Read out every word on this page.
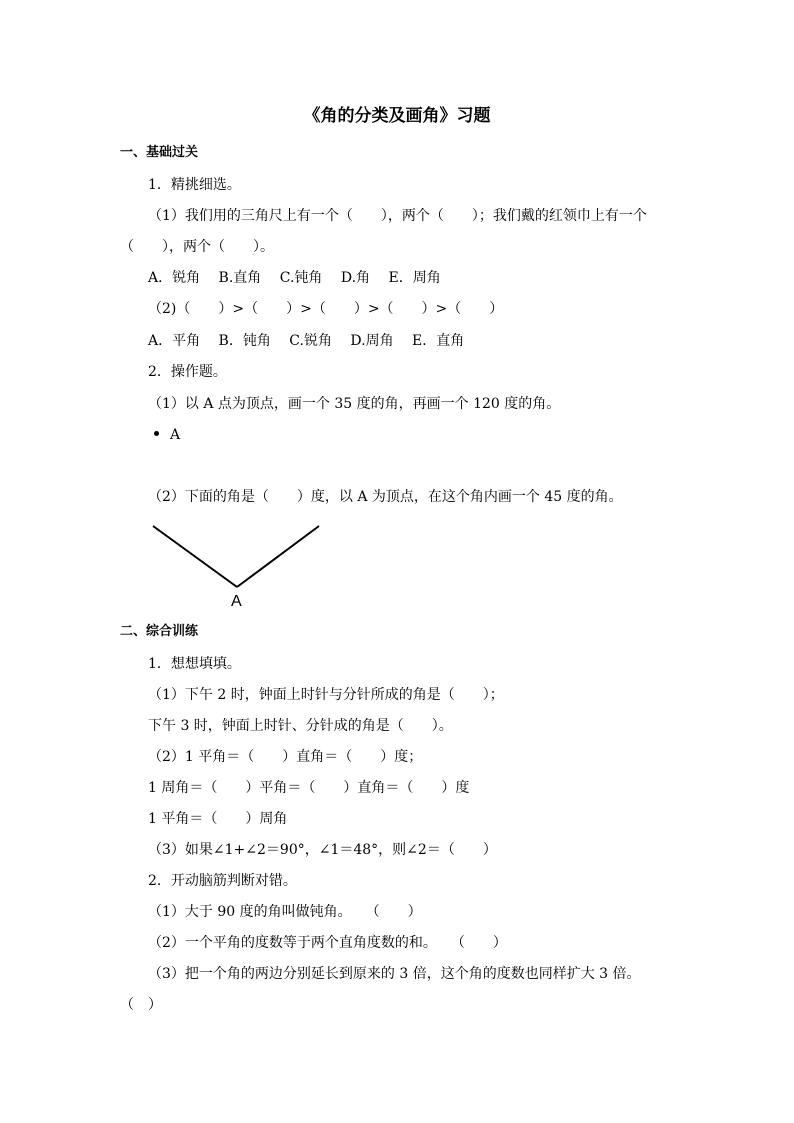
《角的分类及画角》习题
一、基础过关
1．精挑细选。
（1）我们用的三角尺上有一个（　　），两个（　　）；我们戴的红领巾上有一个
（　　），两个（　　）。
A．锐角　 B.直角　 C.钝角　 D.角　 E．周角
（2)（　　）>（　　）>（　　）>（　　）>（　　）
A．平角　 B．钝角　 C.锐角　 D.周角　 E．直角
2．操作题。
（1）以 A 点为顶点，画一个 35 度的角，再画一个 120 度的角。
A
（2）下面的角是（　　）度，以 A 为顶点，在这个角内画一个 45 度的角。
A
二、综合训练
1．想想填填。
（1）下午 2 时，钟面上时针与分针所成的角是（　　）；
下午 3 时，钟面上时针、分针成的角是（　　）。
（2）1 平角＝（　　）直角＝（　　）度；
1 周角＝（　　）平角＝（　　）直角＝（　　）度
1 平角＝（　　）周角
（3）如果∠1+∠2＝90°，∠1＝48°，则∠2＝（　　）
2．开动脑筋判断对错。
（1）大于 90 度的角叫做钝角。　　（　　）
（2）一个平角的度数等于两个直角度数的和。　　（　　）
（3）把一个角的两边分别延长到原来的 3 倍，这个角的度数也同样扩大 3 倍。
（　）
